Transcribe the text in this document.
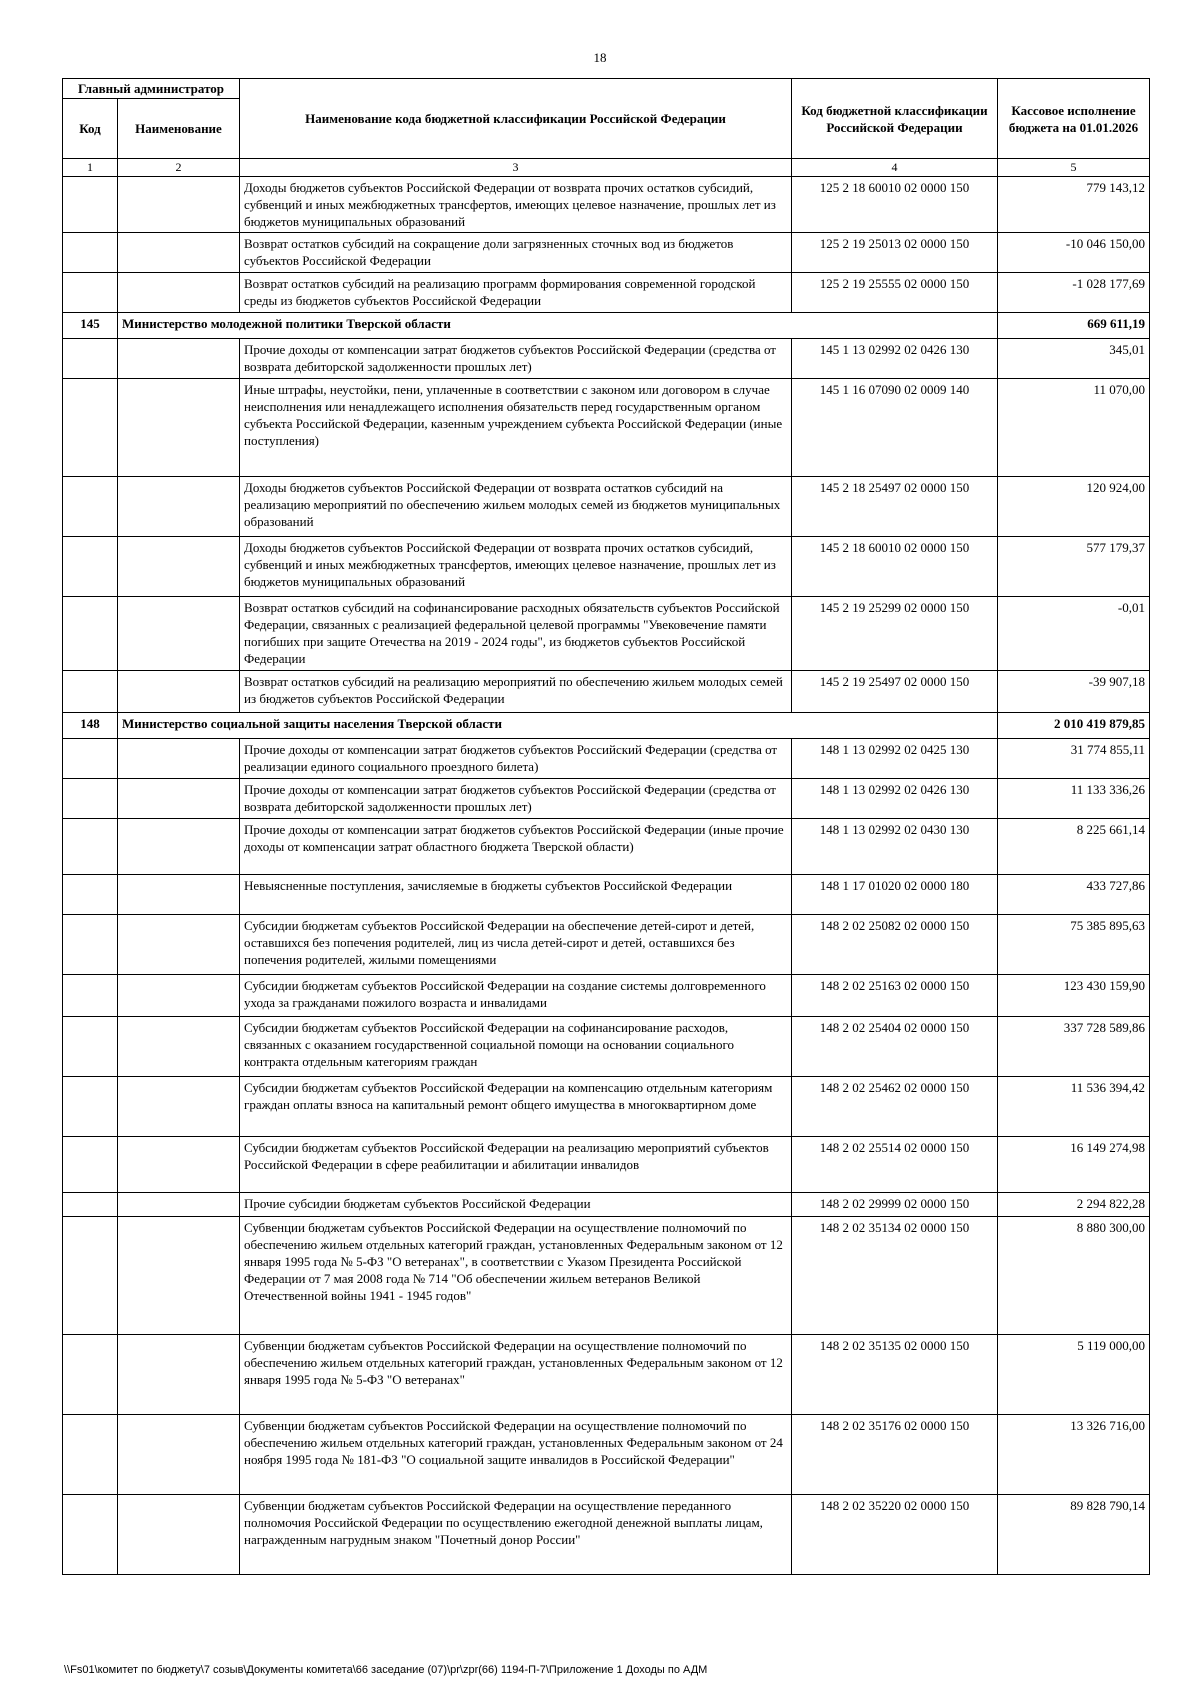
18
Главный администратор		Наименование кода бюджетной классификации Российской Федерации	Код бюджетной классификации Российской Федерации	Кассовое исполнение бюджета на 01.01.2026
Код	Наименование			
1	2	3	4	5
		Доходы бюджетов субъектов Российской Федерации от возврата прочих остатков субсидий, субвенций и иных межбюджетных трансфертов, имеющих целевое назначение, прошлых лет из бюджетов муниципальных образований	125 2 18 60010 02 0000 150	779 143,12
		Возврат остатков субсидий на сокращение доли загрязненных сточных вод из бюджетов субъектов Российской Федерации	125 2 19 25013 02 0000 150	-10 046 150,00
		Возврат остатков субсидий на реализацию программ формирования современной городской среды из бюджетов субъектов Российской Федерации	125 2 19 25555 02 0000 150	-1 028 177,69
145	Министерство молодежной политики Тверской области			669 611,19
		Прочие доходы от компенсации затрат бюджетов субъектов Российской Федерации (средства от возврата дебиторской задолженности прошлых лет)	145 1 13 02992 02 0426 130	345,01
		Иные штрафы, неустойки, пени, уплаченные в соответствии с законом или договором в случае неисполнения или ненадлежащего исполнения обязательств перед государственным органом субъекта Российской Федерации, казенным учреждением субъекта Российской Федерации (иные поступления)	145 1 16 07090 02 0009 140	11 070,00
		Доходы бюджетов субъектов Российской Федерации от возврата остатков субсидий на реализацию мероприятий по обеспечению жильем молодых семей из бюджетов муниципальных образований	145 2 18 25497 02 0000 150	120 924,00
		Доходы бюджетов субъектов Российской Федерации от возврата прочих остатков субсидий, субвенций и иных межбюджетных трансфертов, имеющих целевое назначение, прошлых лет из бюджетов муниципальных образований	145 2 18 60010 02 0000 150	577 179,37
		Возврат остатков субсидий на софинансирование расходных обязательств субъектов Российской Федерации, связанных с реализацией федеральной целевой программы "Увековечение памяти погибших при защите Отечества на 2019 - 2024 годы", из бюджетов субъектов Российской Федерации	145 2 19 25299 02 0000 150	-0,01
		Возврат остатков субсидий на реализацию мероприятий по обеспечению жильем молодых семей из бюджетов субъектов Российской Федерации	145 2 19 25497 02 0000 150	-39 907,18
148	Министерство социальной защиты населения Тверской области			2 010 419 879,85
		Прочие доходы от компенсации затрат бюджетов субъектов Российский Федерации (средства от реализации единого социального проездного билета)	148 1 13 02992 02 0425 130	31 774 855,11
		Прочие доходы от компенсации затрат бюджетов субъектов Российской Федерации (средства от возврата дебиторской задолженности прошлых лет)	148 1 13 02992 02 0426 130	11 133 336,26
		Прочие доходы от компенсации затрат бюджетов субъектов Российской Федерации (иные прочие доходы от компенсации затрат областного бюджета Тверской области)	148 1 13 02992 02 0430 130	8 225 661,14
		Невыясненные поступления, зачисляемые в бюджеты субъектов Российской Федерации	148 1 17 01020 02 0000 180	433 727,86
		Субсидии бюджетам субъектов Российской Федерации на обеспечение детей-сирот и детей, оставшихся без попечения родителей, лиц из числа детей-сирот и детей, оставшихся без попечения родителей, жилыми помещениями	148 2 02 25082 02 0000 150	75 385 895,63
		Субсидии бюджетам субъектов Российской Федерации на создание системы долговременного ухода за гражданами пожилого возраста и инвалидами	148 2 02 25163 02 0000 150	123 430 159,90
		Субсидии бюджетам субъектов Российской Федерации на софинансирование расходов, связанных с оказанием государственной социальной помощи на основании социального контракта отдельным категориям граждан	148 2 02 25404 02 0000 150	337 728 589,86
		Субсидии бюджетам субъектов Российской Федерации на компенсацию отдельным категориям граждан оплаты взноса на капитальный ремонт общего имущества в многоквартирном доме	148 2 02 25462 02 0000 150	11 536 394,42
		Субсидии бюджетам субъектов Российской Федерации на реализацию мероприятий субъектов Российской Федерации в сфере реабилитации и абилитации инвалидов	148 2 02 25514 02 0000 150	16 149 274,98
		Прочие субсидии бюджетам субъектов Российской Федерации	148 2 02 29999 02 0000 150	2 294 822,28
		Субвенции бюджетам субъектов Российской Федерации на осуществление полномочий по обеспечению жильем отдельных категорий граждан, установленных Федеральным законом от 12 января 1995 года № 5-ФЗ "О ветеранах", в соответствии с Указом Президента Российской Федерации от 7 мая 2008 года № 714 "Об обеспечении жильем ветеранов Великой Отечественной войны 1941 - 1945 годов"	148 2 02 35134 02 0000 150	8 880 300,00
		Субвенции бюджетам субъектов Российской Федерации на осуществление полномочий по обеспечению жильем отдельных категорий граждан, установленных Федеральным законом от 12 января 1995 года № 5-ФЗ "О ветеранах"	148 2 02 35135 02 0000 150	5 119 000,00
		Субвенции бюджетам субъектов Российской Федерации на осуществление полномочий по обеспечению жильем отдельных категорий граждан, установленных Федеральным законом от 24 ноября 1995 года № 181-ФЗ "О социальной защите инвалидов в Российской Федерации"	148 2 02 35176 02 0000 150	13 326 716,00
		Субвенции бюджетам субъектов Российской Федерации на осуществление переданного полномочия Российской Федерации по осуществлению ежегодной денежной выплаты лицам, награжденным нагрудным знаком "Почетный донор России"	148 2 02 35220 02 0000 150	89 828 790,14
\\Fs01\комитет по бюджету\7 созыв\Документы комитета\66 заседание (07)\pr\zpr(66) 1194-П-7\Приложение 1 Доходы по АДМ
